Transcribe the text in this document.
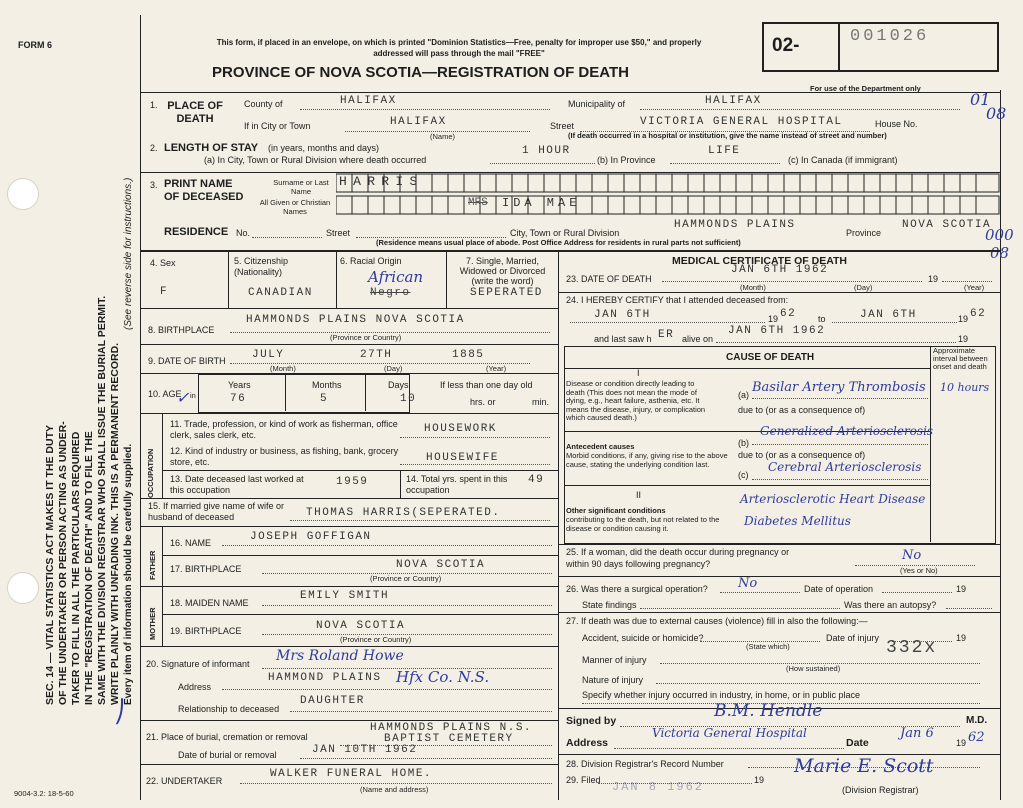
FORM 6
9004-3.2: 18-5-60
SEC. 14 — VITAL STATISTICS ACT MAKES IT THE DUTY OF THE UNDERTAKER OR PERSON ACTING AS UNDER- TAKER TO FILL IN ALL THE PARTICULARS REQUIRED IN THE "REGISTRATION OF DEATH" AND TO FILE THE SAME WITH THE DIVISION REGISTRAR WHO SHALL ISSUE THE BURIAL PERMIT. WRITE PLAINLY WITH UNFADING INK. THIS IS A PERMANENT RECORD. Every item of information should be carefully supplied.
(See reverse side for instructions.)
This form, if placed in an envelope, on which is printed "Dominion Statistics—Free, penalty for improper use $50," and properly addressed will pass through the mail "FREE"
PROVINCE OF NOVA SCOTIA—REGISTRATION OF DEATH
02-	001026
For use of the Department only
01
08
000
08
1. PLACE OF DEATH
County of	HALIFAX	Municipality of	HALIFAX
If in City or Town	HALIFAX
(Name)
Street	VICTORIA GENERAL HOSPITAL	House No.
(If death occurred in a hospital or institution, give the name instead of street and number)
2. LENGTH OF STAY (in years, months and days)
(a) In City, Town or Rural Division where death occurred
1 HOUR
(b) In Province
LIFE
(c) In Canada (if immigrant)
3. PRINT NAME OF DECEASED
Surname or Last Name
All Given or Christian Names
HARRIS
MRS IDA MAE
RESIDENCE No.	Street	City, Town or Rural Division
HAMMONDS PLAINS
Province
NOVA SCOTIA
(Residence means usual place of abode. Post Office Address for residents in rural parts not sufficient)
4. Sex
F
5. Citizenship (Nationality)
CANADIAN
6. Racial Origin
African
Negro
7. Single, Married, Widowed or Divorced (write the word)
SEPERATED
8. BIRTHPLACE
HAMMONDS PLAINS NOVA SCOTIA
(Province or Country)
9. DATE OF BIRTH JULY	27TH	1885
(Month)	(Day)	(Year)
10. AGE
✓ in
Years
76
Months
5
Days
10
If less than one day old
hrs. or	min.
OCCUPATION
11. Trade, profession, or kind of work as fisherman, office clerk, sales clerk, etc.	HOUSEWORK
12. Kind of industry or business, as fishing, bank, grocery store, etc.	HOUSEWIFE
13. Date deceased last worked at this occupation
1959	14. Total yrs. spent in this occupation
49
15. If married give name of wife or husband of deceased	THOMAS HARRIS(SEPERATED.
FATHER
16. NAME	JOSEPH GOFFIGAN
17. BIRTHPLACE	NOVA SCOTIA
(Province or Country)
MOTHER
18. MAIDEN NAME
EMILY SMITH
19. BIRTHPLACE	NOVA SCOTIA
(Province or Country)
20. Signature of informant Mrs Roland Howe
Address
HAMMOND PLAINS Hfx Co. N.S.
Relationship to deceased
DAUGHTER
21. Place of burial, cremation or removal
HAMMONDS PLAINS N.S.
BAPTIST CEMETERY
Date of burial or removal	JAN 10TH 1962
22. UNDERTAKER
WALKER FUNERAL HOME.
(Name and address)
⎠
MEDICAL CERTIFICATE OF DEATH
23. DATE OF DEATH
JAN 6TH 1962
19
(Month)	(Day)	(Year)
24. I HEREBY CERTIFY that I attended deceased from:
JAN 6TH	19 62 to	JAN 6TH	19 62
and last saw h ER alive on
JAN 6TH 1962
19
CAUSE OF DEATH
Approximate interval between onset and death
I
Disease or condition directly leading to death (This does not mean the mode of dying, e.g., heart failure, asthenia, etc. It means the disease, injury, or complication which caused death.)
(a) Basilar Artery Thrombosis 10 hours
due to (or as a consequence of)
Antecedent causes
Morbid conditions, if any, giving rise to the above cause, stating the underlying condition last.
(b)
Generalized Arteriosclerosis
due to (or as a consequence of)
(c)
Cerebral Arteriosclerosis
II
Other significant conditions
contributing to the death, but not related to the disease or condition causing it.
Arteriosclerotic Heart Disease
Diabetes Mellitus
25. If a woman, did the death occur during pregnancy or within 90 days following pregnancy?
No
(Yes or No)
26. Was there a surgical operation? No	Date of operation	19
State findings	Was there an autopsy?
27. If death was due to external causes (violence) fill in also the following:—
Accident, suicide or homicide?
(State which)
Date of injury	19
332x
Manner of injury
(How sustained)
Nature of injury
Specify whether injury occurred in industry, in home, or in public place
Signed by	B.M. Hendle	M.D.
Address
Victoria General Hospital
Date
Jan 6
19 62
28. Division Registrar's Record Number
29. Filed JAN 8 1962	19
Marie E. Scott
(Division Registrar)
